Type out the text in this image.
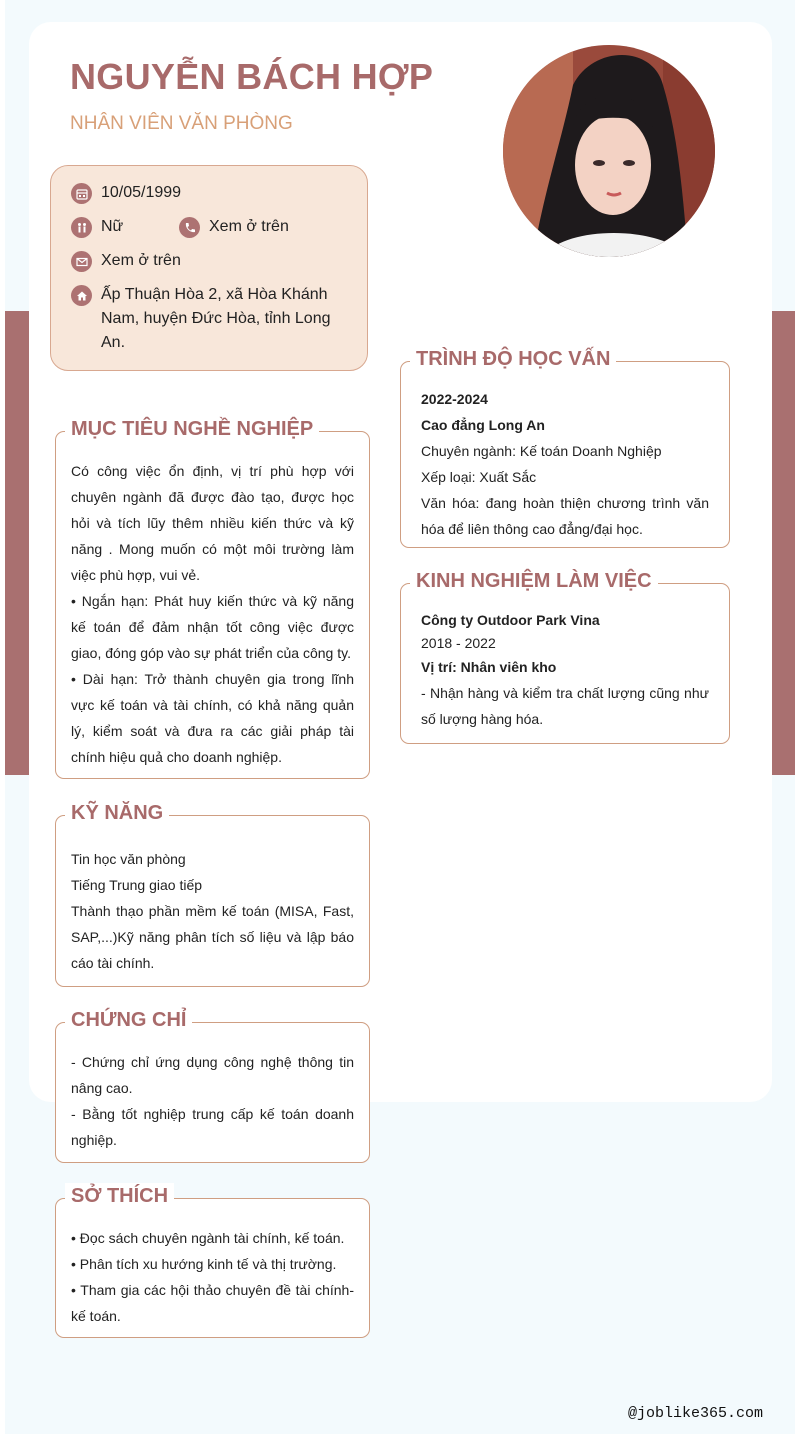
NGUYỄN BÁCH HỢP
NHÂN VIÊN VĂN PHÒNG
10/05/1999
Nữ	Xem ở trên
Xem ở trên
Ấp Thuận Hòa 2, xã Hòa Khánh Nam, huyện Đức Hòa, tỉnh Long An.
MỤC TIÊU NGHỀ NGHIỆP

Có công việc ổn định, vị trí phù hợp với chuyên ngành đã được đào tạo, được học hỏi và tích lũy thêm nhiều kiến thức và kỹ năng . Mong muốn có một môi trường làm việc phù hợp, vui vẻ.

• Ngắn hạn: Phát huy kiến thức và kỹ năng kế toán để đảm nhận tốt công việc được giao, đóng góp vào sự phát triển của công ty.

• Dài hạn: Trở thành chuyên gia trong lĩnh vực kế toán và tài chính, có khả năng quản lý, kiểm soát và đưa ra các giải pháp tài chính hiệu quả cho doanh nghiệp.

KỸ NĂNG

Tin học văn phòng

Tiếng Trung giao tiếp

Thành thạo phần mềm kế toán (MISA, Fast, SAP,...)Kỹ năng phân tích số liệu và lập báo cáo tài chính.

CHỨNG CHỈ

- Chứng chỉ ứng dụng công nghệ thông tin nâng cao.

- Bằng tốt nghiệp trung cấp kế toán doanh nghiệp.

SỞ THÍCH

• Đọc sách chuyên ngành tài chính, kế toán.

• Phân tích xu hướng kinh tế và thị trường.

• Tham gia các hội thảo chuyên đề tài chính-kế toán.

TRÌNH ĐỘ HỌC VẤN

2022-2024

Cao đẳng Long An

Chuyên ngành: Kế toán Doanh Nghiệp

Xếp loại: Xuất Sắc

Văn hóa: đang hoàn thiện chương trình văn hóa để liên thông cao đẳng/đại học.

KINH NGHIỆM LÀM VIỆC

Công ty Outdoor Park Vina

2018 - 2022

Vị trí: Nhân viên kho

- Nhận hàng và kiểm tra chất lượng cũng như số lượng hàng hóa.

@joblike365.com
